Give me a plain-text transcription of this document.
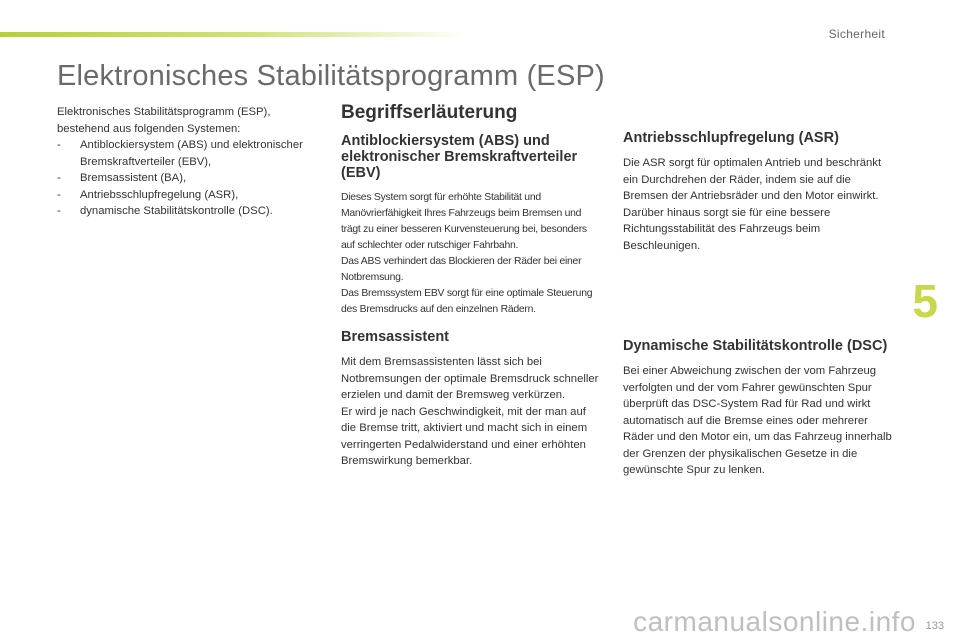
Sicherheit
Elektronisches Stabilitätsprogramm (ESP)
Elektronisches Stabilitätsprogramm (ESP), bestehend aus folgenden Systemen:
- Antiblockiersystem (ABS) und elektronischer Bremskraftverteiler (EBV),
- Bremsassistent (BA),
- Antriebsschlupfregelung (ASR),
- dynamische Stabilitätskontrolle (DSC).
Begriffserläuterung
Antiblockiersystem (ABS) und elektronischer Bremskraftverteiler (EBV)

Dieses System sorgt für erhöhte Stabilität und Manövrierfähigkeit Ihres Fahrzeugs beim Bremsen und trägt zu einer besseren Kurvensteuerung bei, besonders auf schlechter oder rutschiger Fahrbahn.

Das ABS verhindert das Blockieren der Räder bei einer Notbremsung.

Das Bremssystem EBV sorgt für eine optimale Steuerung des Bremsdrucks auf den einzelnen Rädern.

Bremsassistent

Mit dem Bremsassistenten lässt sich bei Notbremsungen der optimale Bremsdruck schneller erzielen und damit der Bremsweg verkürzen.

Er wird je nach Geschwindigkeit, mit der man auf die Bremse tritt, aktiviert und macht sich in einem verringerten Pedalwiderstand und einer erhöhten Bremswirkung bemerkbar.

Antriebsschlupfregelung (ASR)

Die ASR sorgt für optimalen Antrieb und beschränkt ein Durchdrehen der Räder, indem sie auf die Bremsen der Antriebsräder und den Motor einwirkt. Darüber hinaus sorgt sie für eine bessere Richtungsstabilität des Fahrzeugs beim Beschleunigen.

Dynamische Stabilitätskontrolle (DSC)

Bei einer Abweichung zwischen der vom Fahrzeug verfolgten und der vom Fahrer gewünschten Spur überprüft das DSC-System Rad für Rad und wirkt automatisch auf die Bremse eines oder mehrerer Räder und den Motor ein, um das Fahrzeug innerhalb der Grenzen der physikalischen Gesetze in die gewünschte Spur zu lenken.

5
carmanualsonline.info 133
